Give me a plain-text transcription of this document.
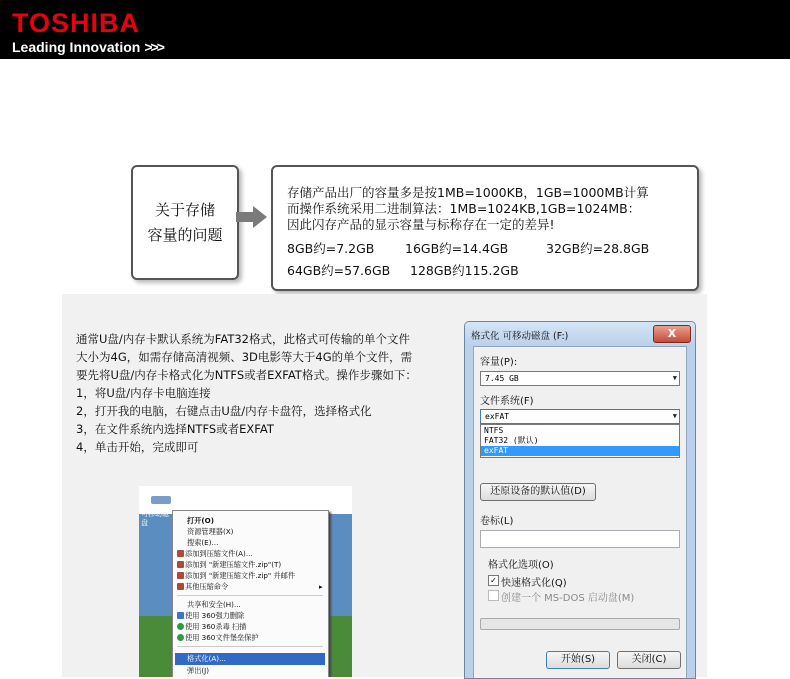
TOSHIBA
Leading Innovation >>>
关于存储
容量的问题
存储产品出厂的容量多是按1MB=1000KB，1GB=1000MB计算
而操作系统采用二进制算法：1MB=1024KB,1GB=1024MB：
因此闪存产品的显示容量与标称存在一定的差异!
8GB约=7.2GB 16GB约=14.4GB	32GB约=28.8GB
64GB约=57.6GB 128GB约115.2GB
通常U盘/内存卡默认系统为FAT32格式，此格式可传输的单个文件
大小为4G，如需存储高清视频、3D电影等大于4G的单个文件，需
要先将U盘/内存卡格式化为NTFS或者EXFAT格式。操作步骤如下：
1，将U盘/内存卡电脑连接
2，打开我的电脑，右键点击U盘/内存卡盘符，选择格式化
3，在文件系统内选择NTFS或者EXFAT
4，单击开始，完成即可
可移动磁盘	打开(O)
资源管理器(X)
搜索(E)...
添加到压缩文件(A)...
添加到 "新建压缩文件.zip"(T)
添加到 "新建压缩文件.zip" 并邮件
其他压缩命令	▸
共享和安全(H)...
使用 360强力删除
使用 360杀毒 扫描
使用 360文件堡垒保护
格式化(A)...
弹出(J)
格式化 可移动磁盘 (F:)	X
容量(P):
7.45 GB	▼
文件系统(F)
exFAT	▼
NTFS
FAT32 (默认)
exFAT
还原设备的默认值(D)
卷标(L)
格式化选项(O)
✓ 快速格式化(Q)
创建一个 MS-DOS 启动盘(M)
开始(S)	关闭(C)
